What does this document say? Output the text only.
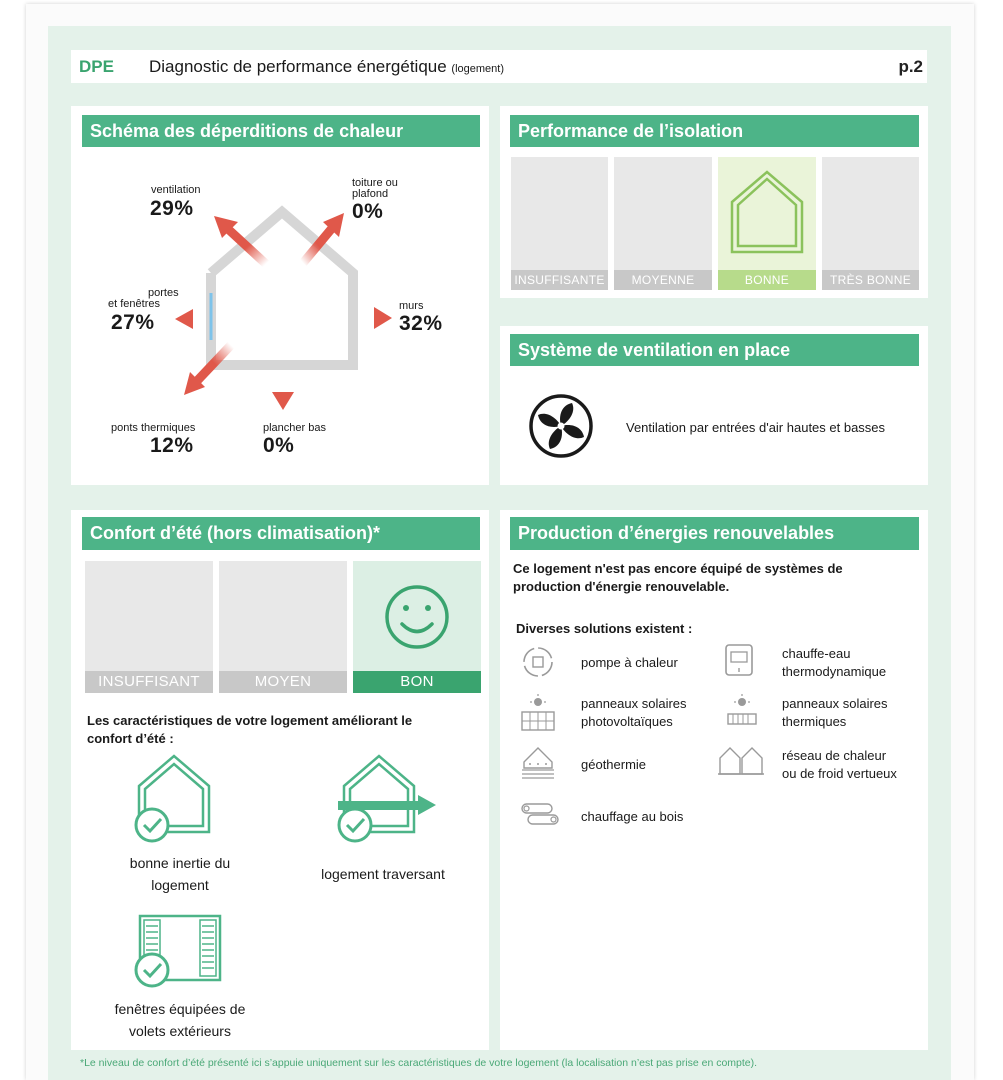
DPE	Diagnostic de performance énergétique (logement)	p.2
Schéma des déperditions de chaleur
ventilation
29%
toiture ou
plafond
0%
portes
et fenêtres
27%
murs
32%
ponts thermiques
12%
plancher bas
0%
Performance de l’isolation
INSUFFISANTE	MOYENNE	BONNE	TRÈS BONNE
Système de ventilation en place
Ventilation par entrées d'air hautes et basses
Confort d’été (hors climatisation)*
INSUFFISANT	MOYEN	BON
Les caractéristiques de votre logement améliorant le
confort d’été :
bonne inertie du
logement
logement traversant
fenêtres équipées de
volets extérieurs
Production d’énergies renouvelables
Ce logement n'est pas encore équipé de systèmes de
production d'énergie renouvelable.
Diverses solutions existent :
pompe à chaleur
chauffe-eau
thermodynamique
panneaux solaires
photovoltaïques
panneaux solaires
thermiques
géothermie
réseau de chaleur
ou de froid vertueux
chauffage au bois
*Le niveau de confort d’été présenté ici s’appuie uniquement sur les caractéristiques de votre logement (la localisation n’est pas prise en compte).
